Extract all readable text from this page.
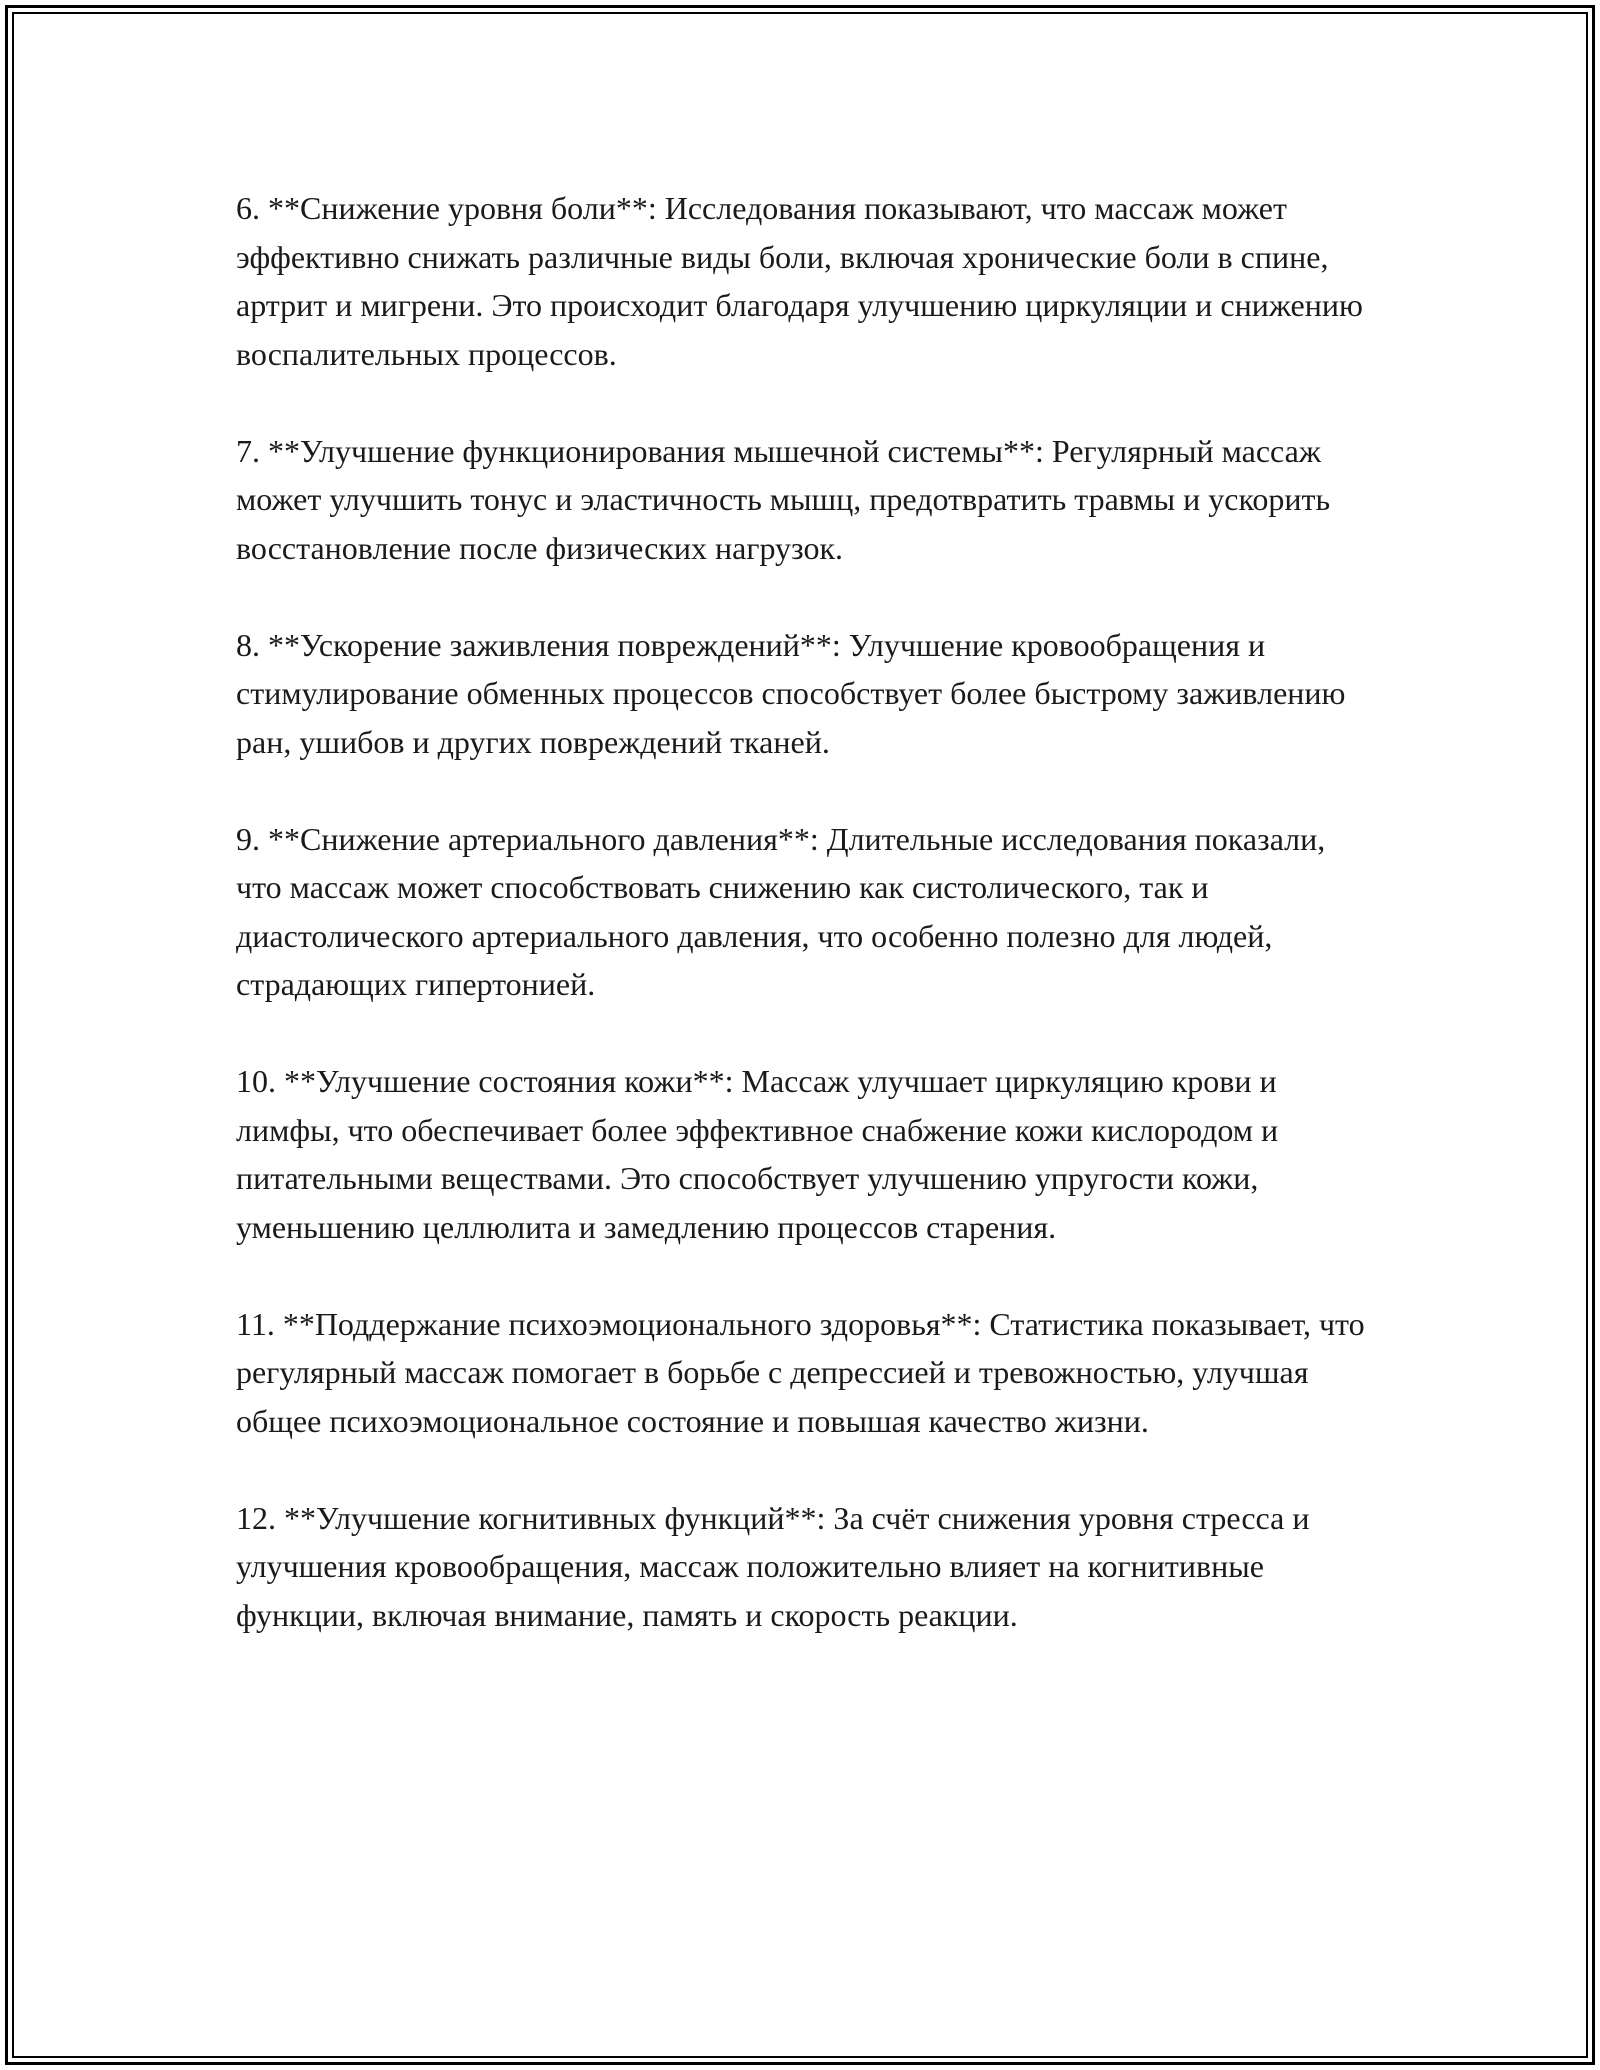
6. **Снижение уровня боли**: Исследования показывают, что массаж может эффективно снижать различные виды боли, включая хронические боли в спине, артрит и мигрени. Это происходит благодаря улучшению циркуляции и снижению воспалительных процессов.

7. **Улучшение функционирования мышечной системы**: Регулярный массаж может улучшить тонус и эластичность мышц, предотвратить травмы и ускорить восстановление после физических нагрузок.

8. **Ускорение заживления повреждений**: Улучшение кровообращения и стимулирование обменных процессов способствует более быстрому заживлению ран, ушибов и других повреждений тканей.

9. **Снижение артериального давления**: Длительные исследования показали, что массаж может способствовать снижению как систолического, так и диастолического артериального давления, что особенно полезно для людей, страдающих гипертонией.

10. **Улучшение состояния кожи**: Массаж улучшает циркуляцию крови и лимфы, что обеспечивает более эффективное снабжение кожи кислородом и питательными веществами. Это способствует улучшению упругости кожи, уменьшению целлюлита и замедлению процессов старения.

11. **Поддержание психоэмоционального здоровья**: Статистика показывает, что регулярный массаж помогает в борьбе с депрессией и тревожностью, улучшая общее психоэмоциональное состояние и повышая качество жизни.

12. **Улучшение когнитивных функций**: За счёт снижения уровня стресса и улучшения кровообращения, массаж положительно влияет на когнитивные функции, включая внимание, память и скорость реакции.
